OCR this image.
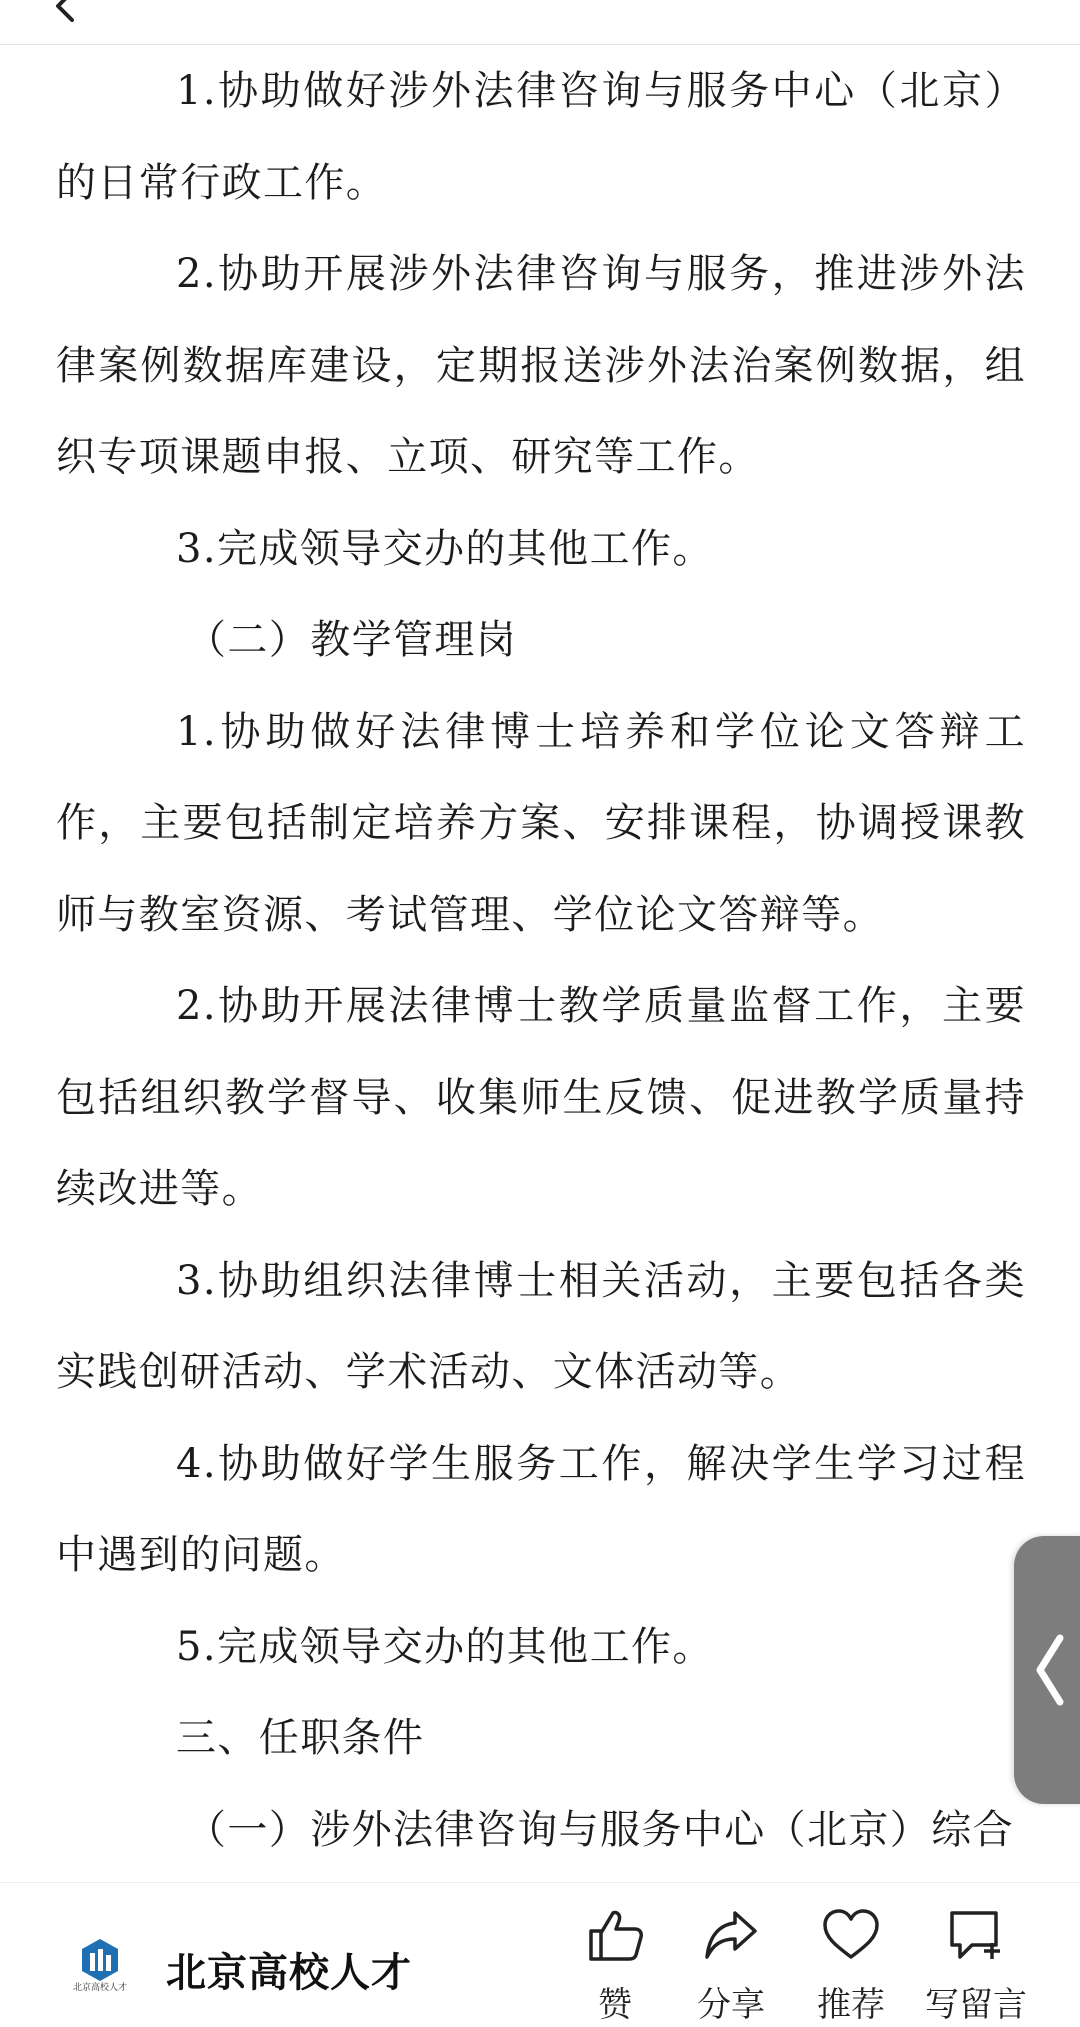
1.协助做好涉外法律咨询与服务中心（北京）的日常行政工作。

2.协助开展涉外法律咨询与服务，推进涉外法律案例数据库建设，定期报送涉外法治案例数据，组织专项课题申报、立项、研究等工作。

3.完成领导交办的其他工作。

（二）教学管理岗

1.协助做好法律博士培养和学位论文答辩工作，主要包括制定培养方案、安排课程，协调授课教师与教室资源、考试管理、学位论文答辩等。

2.协助开展法律博士教学质量监督工作，主要包括组织教学督导、收集师生反馈、促进教学质量持续改进等。

3.协助组织法律博士相关活动，主要包括各类实践创研活动、学术活动、文体活动等。

4.协助做好学生服务工作，解决学生学习过程中遇到的问题。

5.完成领导交办的其他工作。

三、任职条件

（一）涉外法律咨询与服务中心（北京）综合

北京高校人才 北京高校人才
赞	分享	推荐	写留言
